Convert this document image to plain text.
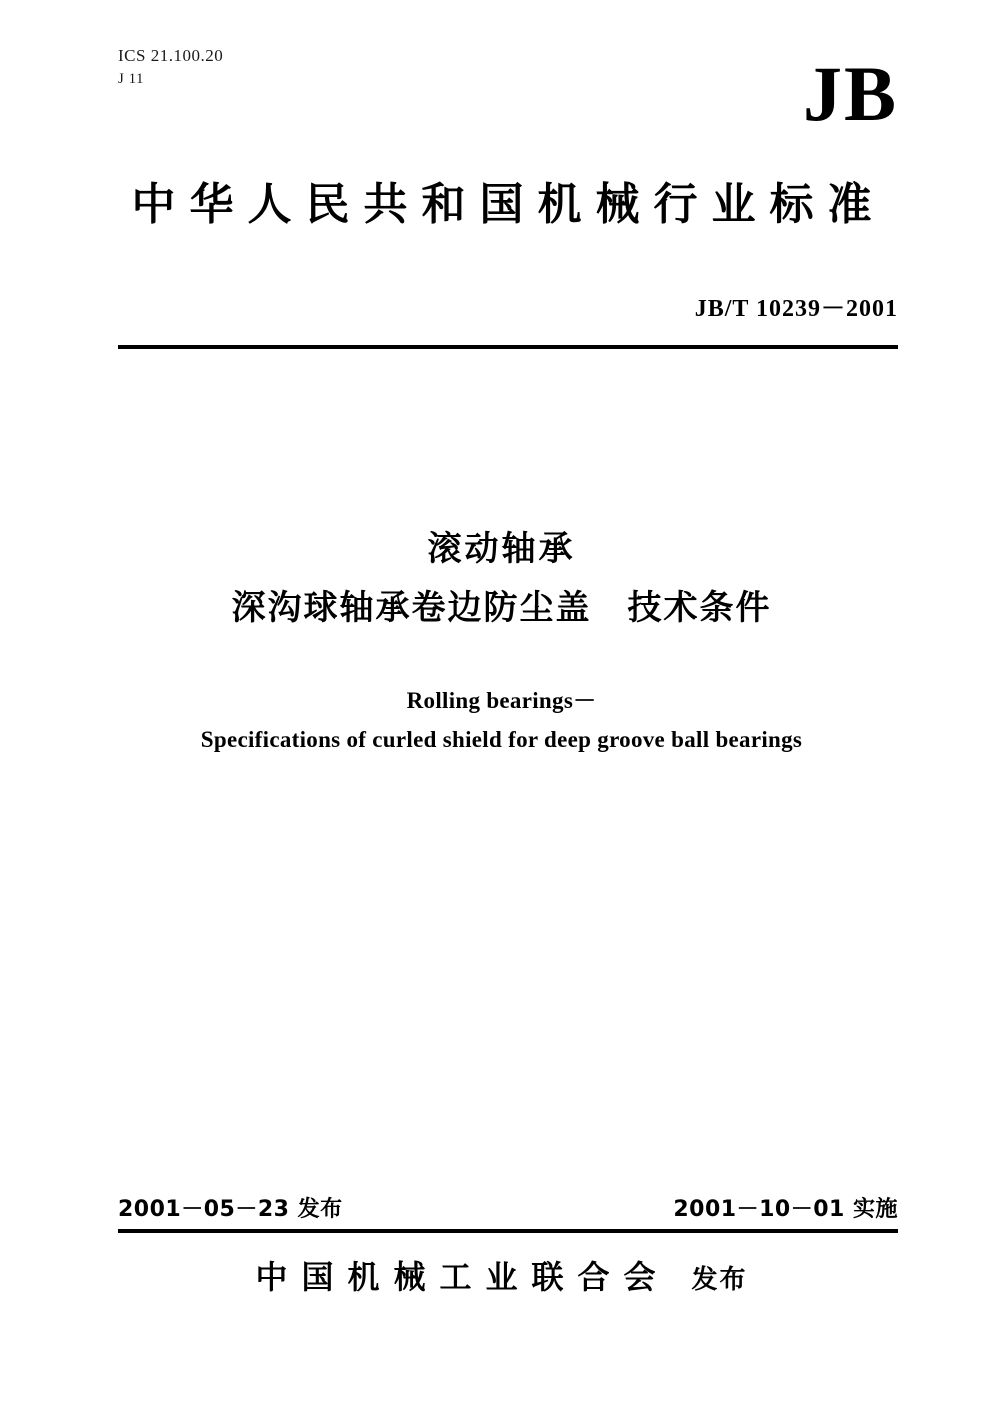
ICS 21.100.20
J 11	JB
中华人民共和国机械行业标准
JB/T 10239－2001
滚动轴承
深沟球轴承卷边防尘盖　技术条件
Rolling bearings－
Specifications of curled shield for deep groove ball bearings
2001－05－23 发布	2001－10－01 实施
中国机械工业联合会 发布
